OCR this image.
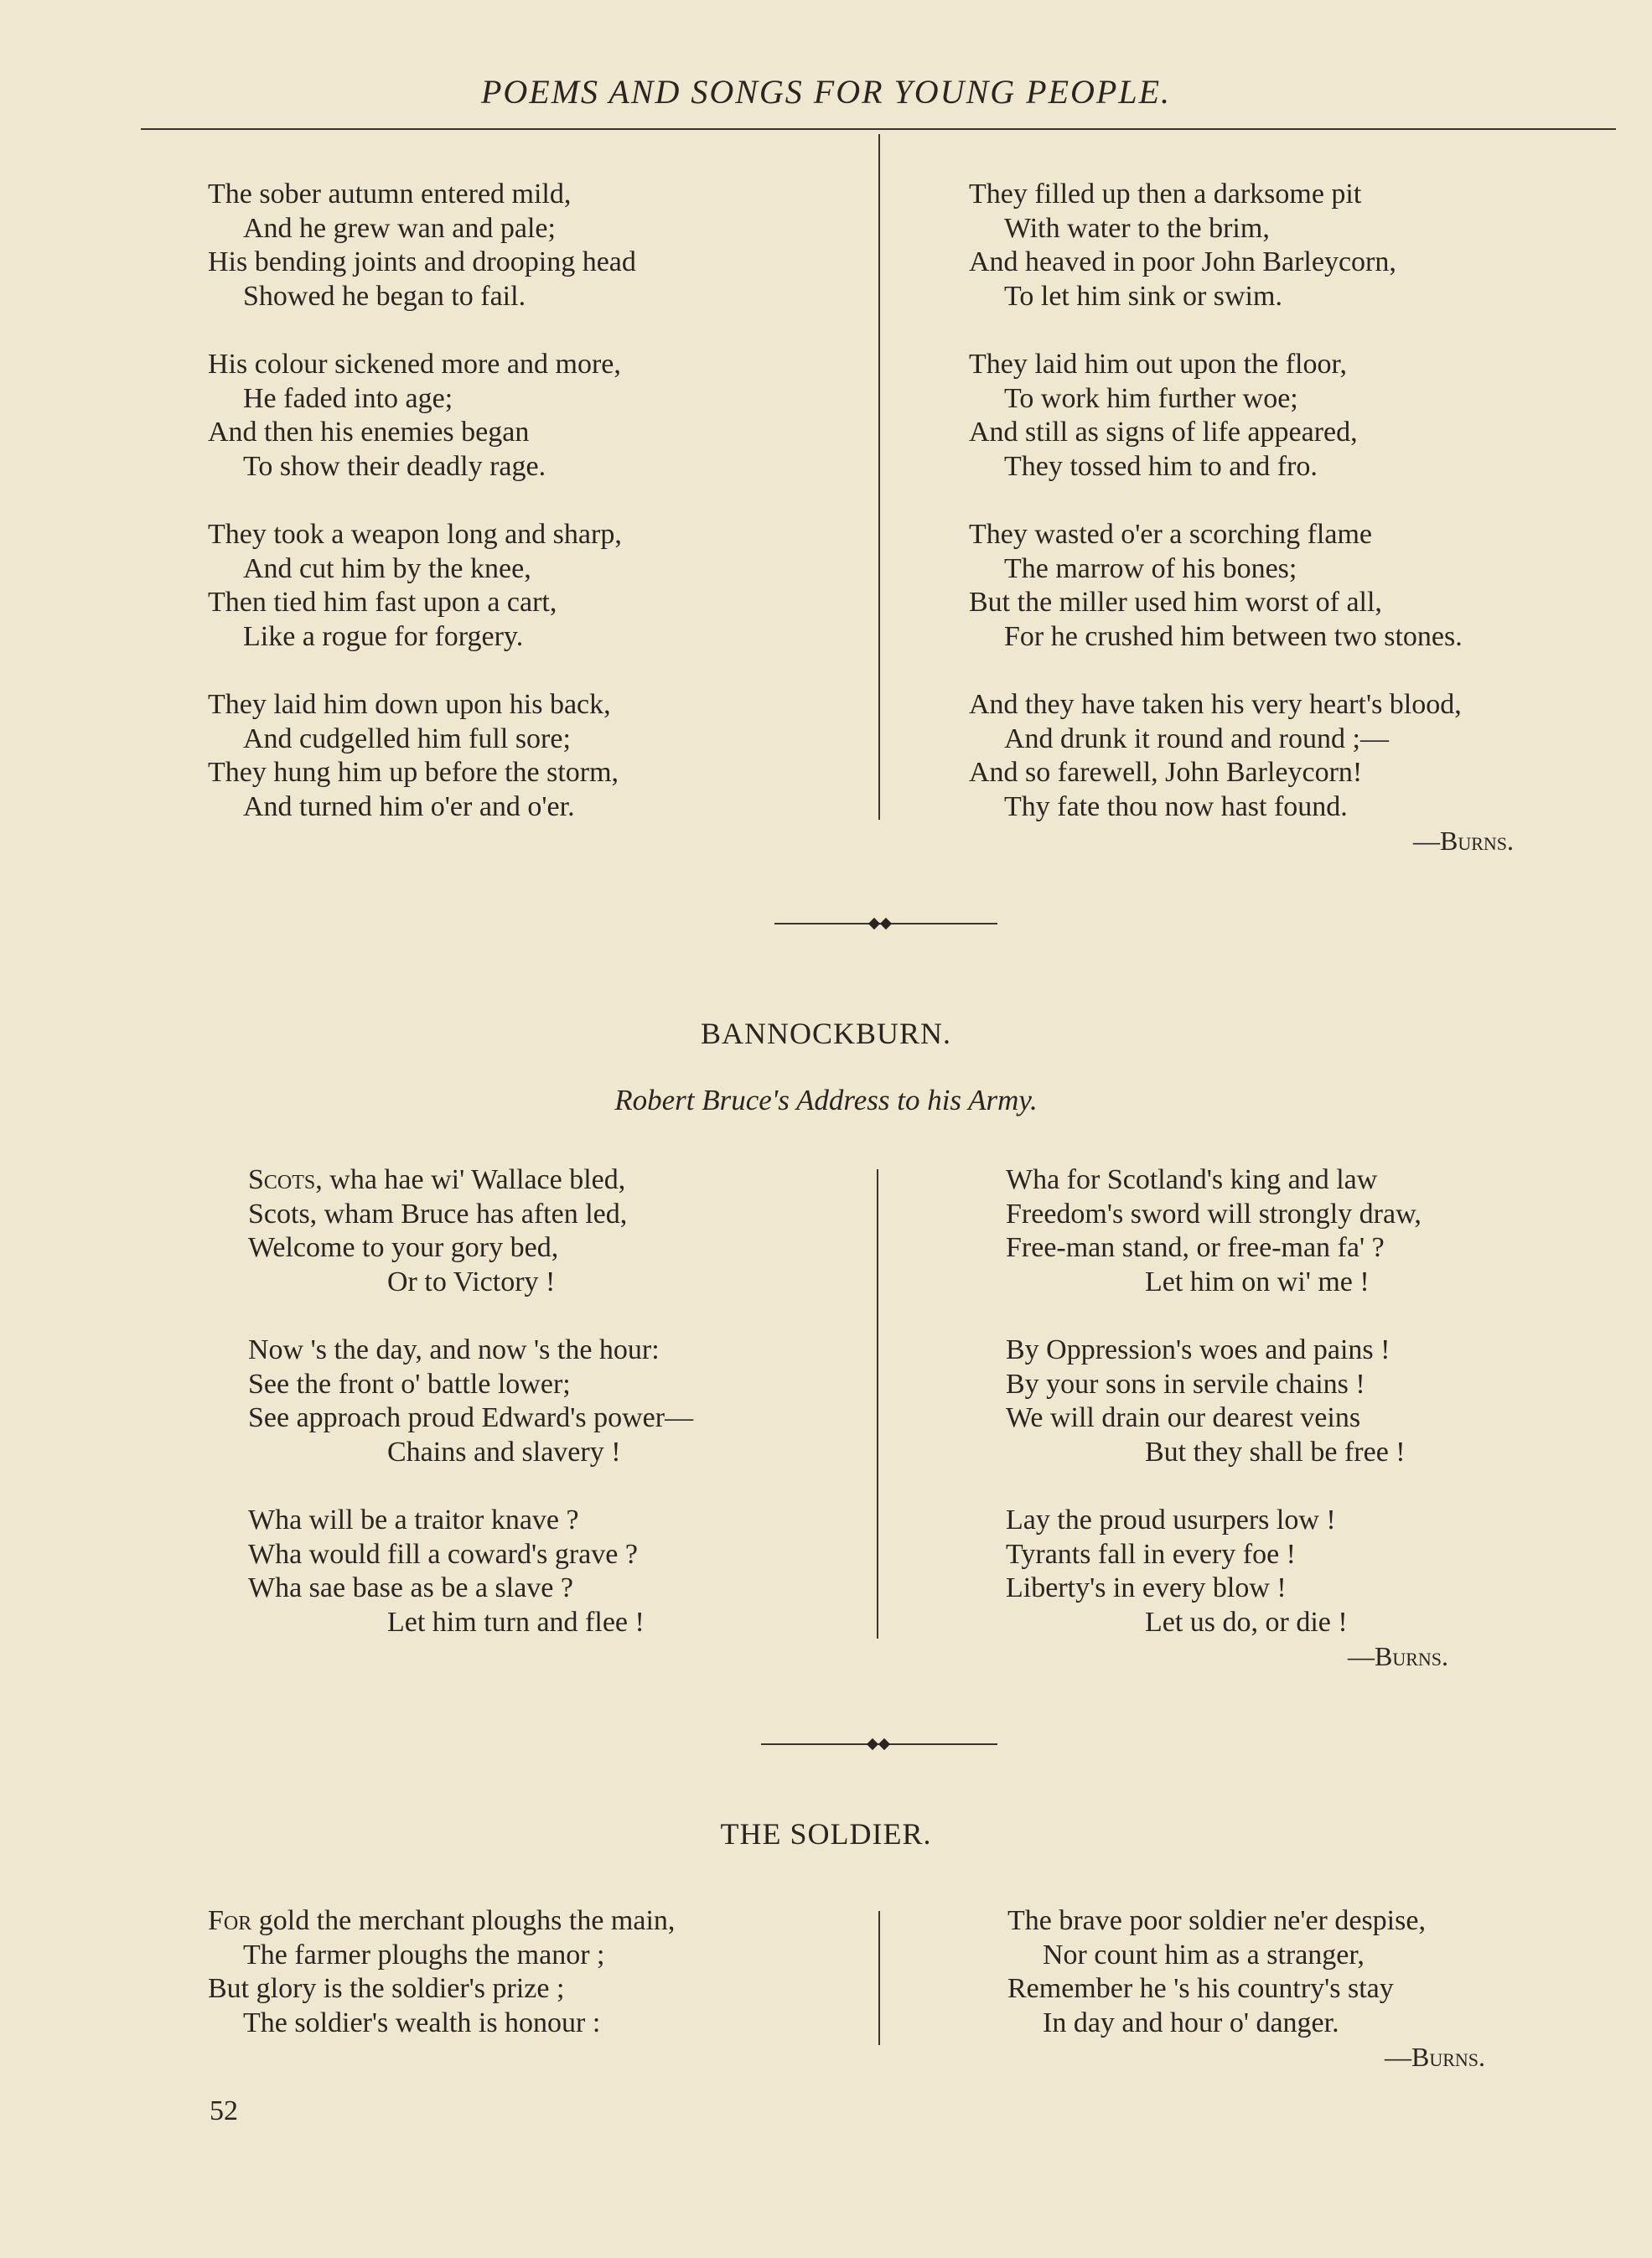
POEMS AND SONGS FOR YOUNG PEOPLE.
The sober autumn entered mild,
And he grew wan and pale;
His bending joints and drooping head
Showed he began to fail.
His colour sickened more and more,
He faded into age;
And then his enemies began
To show their deadly rage.
They took a weapon long and sharp,
And cut him by the knee,
Then tied him fast upon a cart,
Like a rogue for forgery.
They laid him down upon his back,
And cudgelled him full sore;
They hung him up before the storm,
And turned him o'er and o'er.
They filled up then a darksome pit
With water to the brim,
And heaved in poor John Barleycorn,
To let him sink or swim.
They laid him out upon the floor,
To work him further woe;
And still as signs of life appeared,
They tossed him to and fro.
They wasted o'er a scorching flame
The marrow of his bones;
But the miller used him worst of all,
For he crushed him between two stones.
And they have taken his very heart's blood,
And drunk it round and round ;—
And so farewell, John Barleycorn!
Thy fate thou now hast found.
—Burns.
BANNOCKBURN.
Robert Bruce's Address to his Army.
Scots, wha hae wi' Wallace bled,
Scots, wham Bruce has aften led,
Welcome to your gory bed,
Or to Victory !
Now 's the day, and now 's the hour:
See the front o' battle lower;
See approach proud Edward's power—
Chains and slavery !
Wha will be a traitor knave ?
Wha would fill a coward's grave ?
Wha sae base as be a slave ?
Let him turn and flee !
Wha for Scotland's king and law
Freedom's sword will strongly draw,
Free-man stand, or free-man fa' ?
Let him on wi' me !
By Oppression's woes and pains !
By your sons in servile chains !
We will drain our dearest veins
But they shall be free !
Lay the proud usurpers low !
Tyrants fall in every foe !
Liberty's in every blow !
Let us do, or die !
—Burns.
THE SOLDIER.
For gold the merchant ploughs the main,
The farmer ploughs the manor ;
But glory is the soldier's prize ;
The soldier's wealth is honour :
The brave poor soldier ne'er despise,
Nor count him as a stranger,
Remember he 's his country's stay
In day and hour o' danger.
—Burns.
52
